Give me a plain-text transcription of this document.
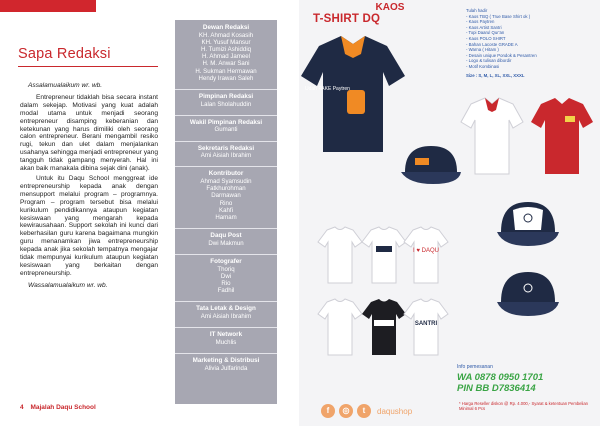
Sapa Redaksi

Assalamualaikum wr. wb.

Entrepreneur tidaklah bisa secara instant dalam sekejap. Motivasi yang kuat adalah modal utama untuk menjadi seorang entrepreneur disamping keberanian dan ketekunan yang harus dimiliki oleh seorang calon entrepreneur. Berani mengambil resiko rugi, tekun dan ulet dalam menjalankan usahanya sehingga menjadi entrepreneur yang tangguh tidak gampang menyerah. Hal ini akan baik manakala dibina sejak dini (anak).

Untuk itu Daqu School menggreat ide entrepreneurship kepada anak dengan mensupport melalui program – programnya. Program – program tersebut bisa melalui kurikulum pendidikannya ataupun kegiatan kesiswaan yang mengarah kepada kewirausahaan. Support sekolah ini kunci dari keberhasilan guru karena bagaimana mungkin guru menanamkan jiwa entrepreneurship kepada anak jika sekolah tempatnya mengajar tidak mempunyai kurikulum ataupun kegiatan kesiswaan yang berkaitan dengan entrepreneurship.

Wassalamualaikum wr. wb.

4 Majalah Daqu School
Dewan Redaksi
KH. Ahmad Kosasih
KH. Yusuf Mansur
H. Tumizi Ashiddiq
H. Ahmad Jameel
H. M. Anwar Sani
H. Sukman Hermawan
Hendy Irawan Saleh
Pimpinan Redaksi
Lalan Sholahuddin
Wakil Pimpinan Redaksi
Gumanti
Sekretaris Redaksi
Ami Aisiah Ibrahim
Kontributor
Ahmad Syamsudin
Fatkhurohman
Darmawan
Rino
Kahfi
Hamam
Daqu Post
Dwi Makmun
Fotografer
Thoriq
Dwi
Rio
Fadhil
Tata Letak & Design
Ami Aisiah Ibrahim
IT Network
Muchlis
Marketing & Distribusi
Alivia Julfarinda
KAOS
T-SHIRT DQ
Udah PAKE Paytren
I ♥ DAQU
SANTRI
Tulah hadir
- Kaos TBQ ( True Base Shirt ok )
- Kaos Paytren
- Kaos Artist Santri
- Topi Daarul Qur'an
- Kaos POLO SHIRT
- Bahan Lacoste GRADE A
- Warna ( Hitam )
- Desain unique Pondok & Pesantren
- Logo & tulisan dibordir
- Motif Kombinasi
Size : S, M, L, XL, XXL, XXXL
Info pemesanan
WA 0878 0950 1701
PIN BB D7836414
* Harga Reseller diskon @ Rp. 4.000,- Syarat & ketentuan Pembelian Minimal 6 Pcs
f	◎	t	daqushop
